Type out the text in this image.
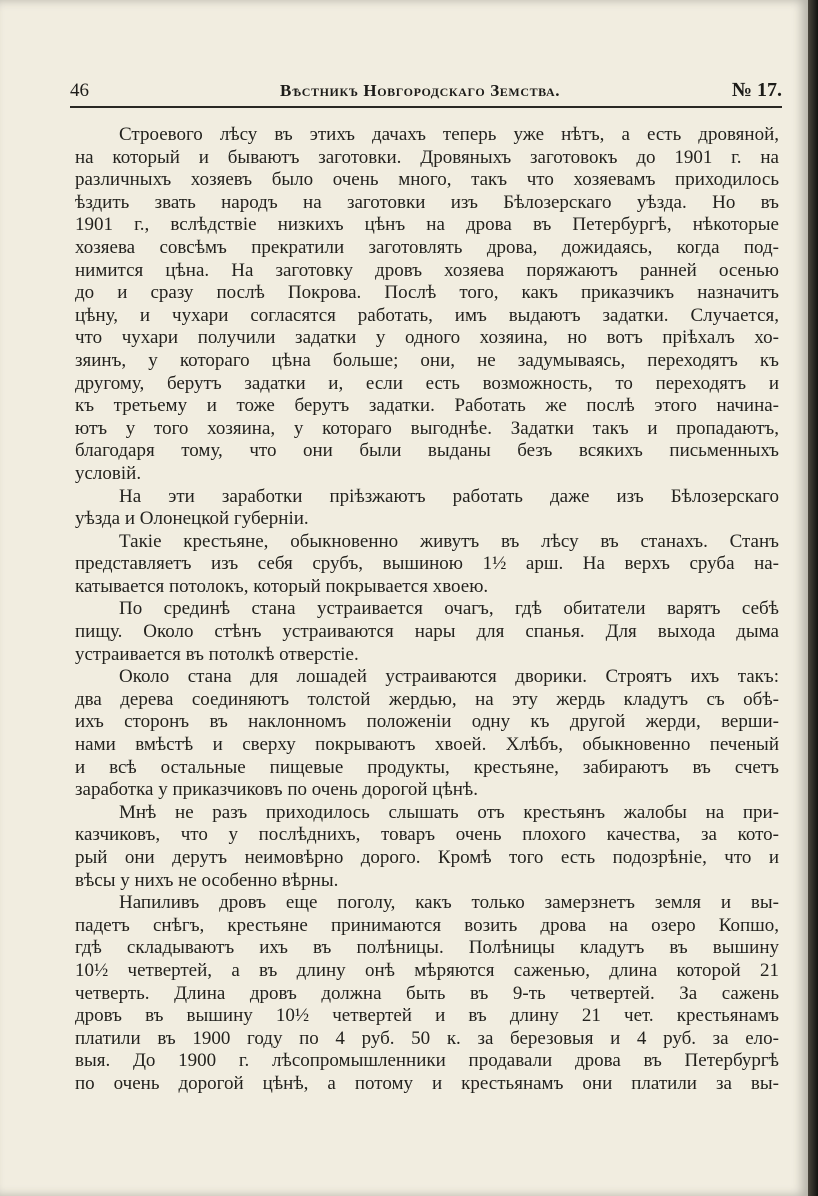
46	Вѣстникъ Новгородскаго Земства.	№ 17.
Строевого лѣсу въ этихъ дачахъ теперь уже нѣтъ, а есть дровяной,
на который и бываютъ заготовки. Дровяныхъ заготовокъ до 1901 г. на
различныхъ хозяевъ было очень много, такъ что хозяевамъ приходилось
ѣздить звать народъ на заготовки изъ Бѣлозерскаго уѣзда. Но въ
1901 г., вслѣдствіе низкихъ цѣнъ на дрова въ Петербургѣ, нѣкоторые
хозяева совсѣмъ прекратили заготовлять дрова, дожидаясь, когда под-
нимится цѣна. На заготовку дровъ хозяева поряжаютъ ранней осенью
до и сразу послѣ Покрова. Послѣ того, какъ приказчикъ назначитъ
цѣну, и чухари согласятся работать, имъ выдаютъ задатки. Случается,
что чухари получили задатки у одного хозяина, но вотъ пріѣхалъ хо-
зяинъ, у котораго цѣна больше; они, не задумываясь, переходятъ къ
другому, берутъ задатки и, если есть возможность, то переходятъ и
къ третьему и тоже берутъ задатки. Работать же послѣ этого начина-
ютъ у того хозяина, у котораго выгоднѣе. Задатки такъ и пропадаютъ,
благодаря тому, что они были выданы безъ всякихъ письменныхъ
условій.
На эти заработки пріѣзжаютъ работать даже изъ Бѣлозерскаго
уѣзда и Олонецкой губерніи.
Такіе крестьяне, обыкновенно живутъ въ лѣсу въ станахъ. Станъ
представляетъ изъ себя срубъ, вышиною 1½ арш. На верхъ сруба на-
катывается потолокъ, который покрывается хвоею.
По срединѣ стана устраивается очагъ, гдѣ обитатели варятъ себѣ
пищу. Около стѣнъ устраиваются нары для спанья. Для выхода дыма
устраивается въ потолкѣ отверстіе.
Около стана для лошадей устраиваются дворики. Строятъ ихъ такъ:
два дерева соединяютъ толстой жердью, на эту жердь кладутъ съ обѣ-
ихъ сторонъ въ наклонномъ положеніи одну къ другой жерди, верши-
нами вмѣстѣ и сверху покрываютъ хвоей. Хлѣбъ, обыкновенно печеный
и всѣ остальные пищевые продукты, крестьяне, забираютъ въ счетъ
заработка у приказчиковъ по очень дорогой цѣнѣ.
Мнѣ не разъ приходилось слышать отъ крестьянъ жалобы на при-
казчиковъ, что у послѣднихъ, товаръ очень плохого качества, за кото-
рый они дерутъ неимовѣрно дорого. Кромѣ того есть подозрѣніе, что и
вѣсы у нихъ не особенно вѣрны.
Напиливъ дровъ еще поголу, какъ только замерзнетъ земля и вы-
падетъ снѣгъ, крестьяне принимаются возить дрова на озеро Копшо,
гдѣ складываютъ ихъ въ полѣницы. Полѣницы кладутъ въ вышину
10½ четвертей, а въ длину онѣ мѣряются саженью, длина которой 21
четверть. Длина дровъ должна быть въ 9-ть четвертей. За сажень
дровъ въ вышину 10½ четвертей и въ длину 21 чет. крестьянамъ
платили въ 1900 году по 4 руб. 50 к. за березовыя и 4 руб. за ело-
выя. До 1900 г. лѣсопромышленники продавали дрова въ Петербургѣ
по очень дорогой цѣнѣ, а потому и крестьянамъ они платили за вы-
